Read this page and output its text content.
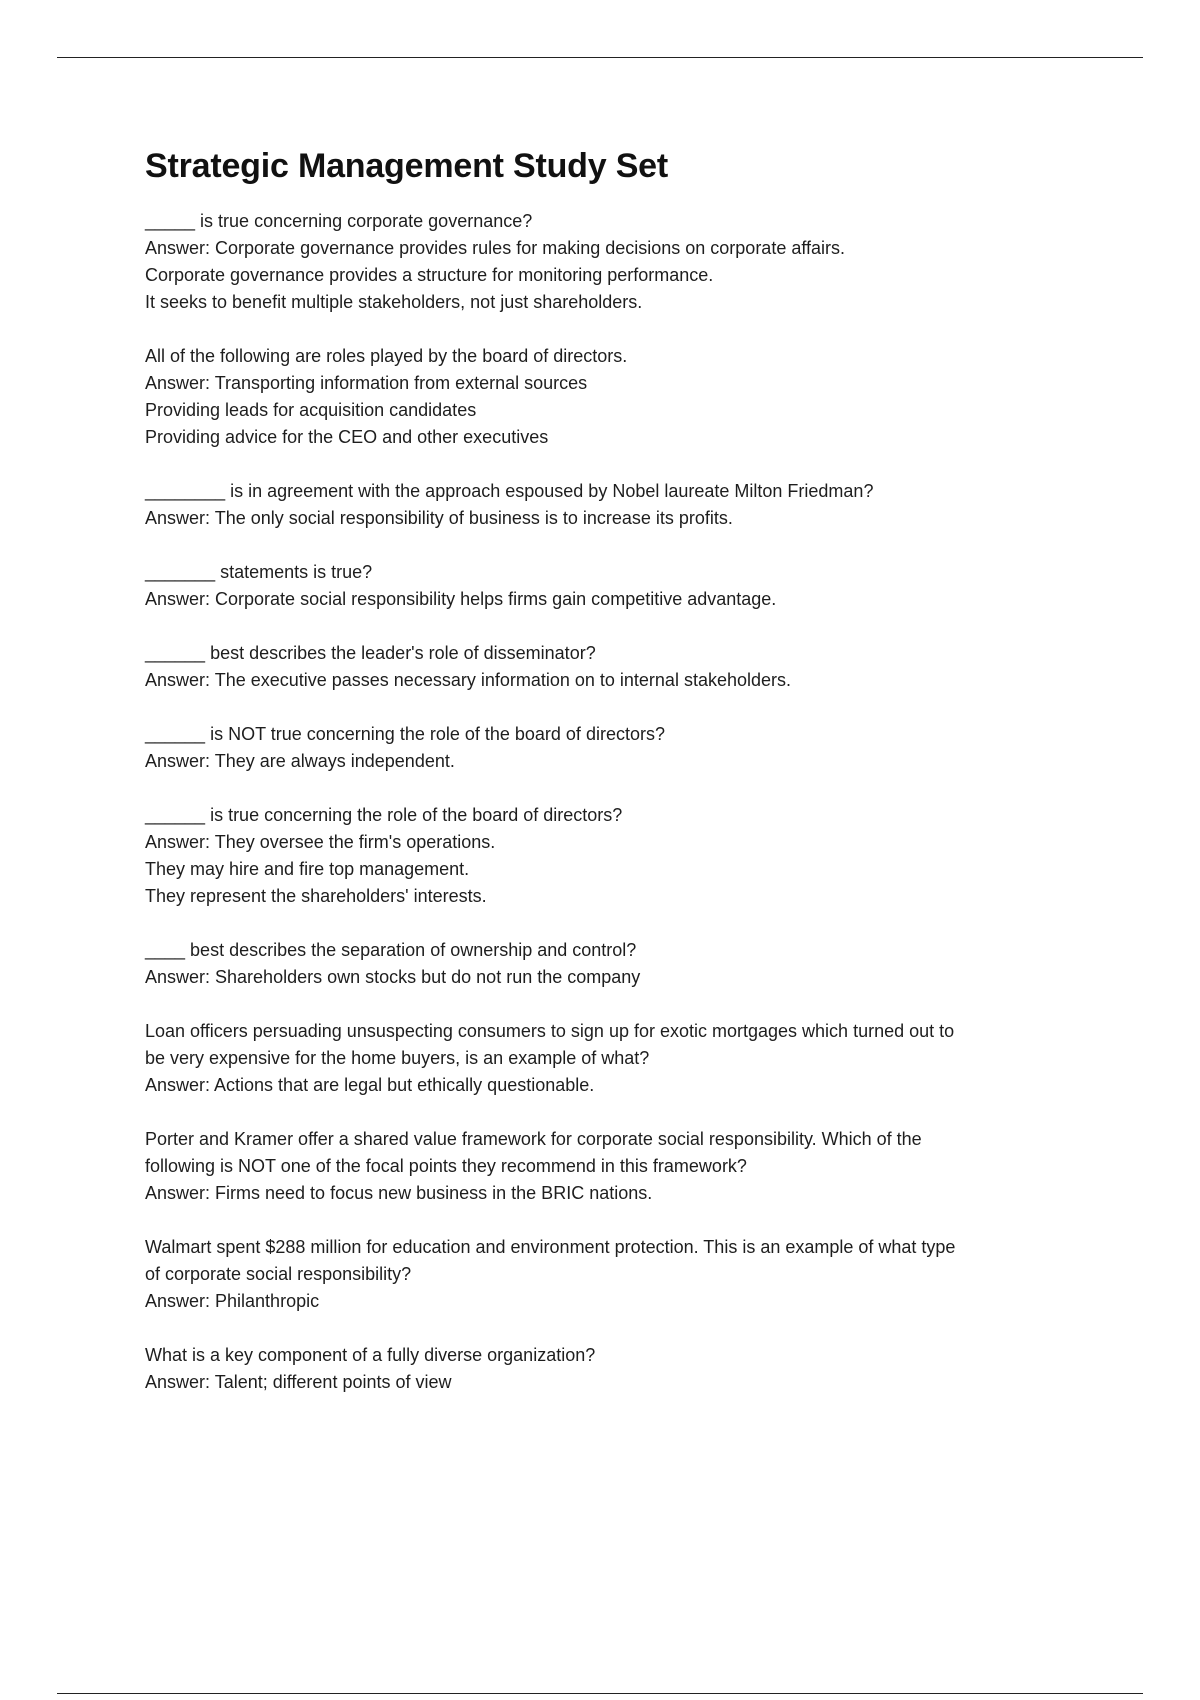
Strategic Management Study Set
_____ is true concerning corporate governance?
Answer: Corporate governance provides rules for making decisions on corporate affairs.
Corporate governance provides a structure for monitoring performance.
It seeks to benefit multiple stakeholders, not just shareholders.
All of the following are roles played by the board of directors.
Answer: Transporting information from external sources
Providing leads for acquisition candidates
Providing advice for the CEO and other executives
________ is in agreement with the approach espoused by Nobel laureate Milton Friedman?
Answer: The only social responsibility of business is to increase its profits.
_______ statements is true?
Answer: Corporate social responsibility helps firms gain competitive advantage.
______ best describes the leader's role of disseminator?
Answer: The executive passes necessary information on to internal stakeholders.
______ is NOT true concerning the role of the board of directors?
Answer: They are always independent.
______ is true concerning the role of the board of directors?
Answer: They oversee the firm's operations.
They may hire and fire top management.
They represent the shareholders' interests.
____ best describes the separation of ownership and control?
Answer: Shareholders own stocks but do not run the company
Loan officers persuading unsuspecting consumers to sign up for exotic mortgages which turned out to
be very expensive for the home buyers, is an example of what?
Answer: Actions that are legal but ethically questionable.
Porter and Kramer offer a shared value framework for corporate social responsibility. Which of the
following is NOT one of the focal points they recommend in this framework?
Answer: Firms need to focus new business in the BRIC nations.
Walmart spent $288 million for education and environment protection. This is an example of what type
of corporate social responsibility?
Answer: Philanthropic
What is a key component of a fully diverse organization?
Answer: Talent; different points of view
